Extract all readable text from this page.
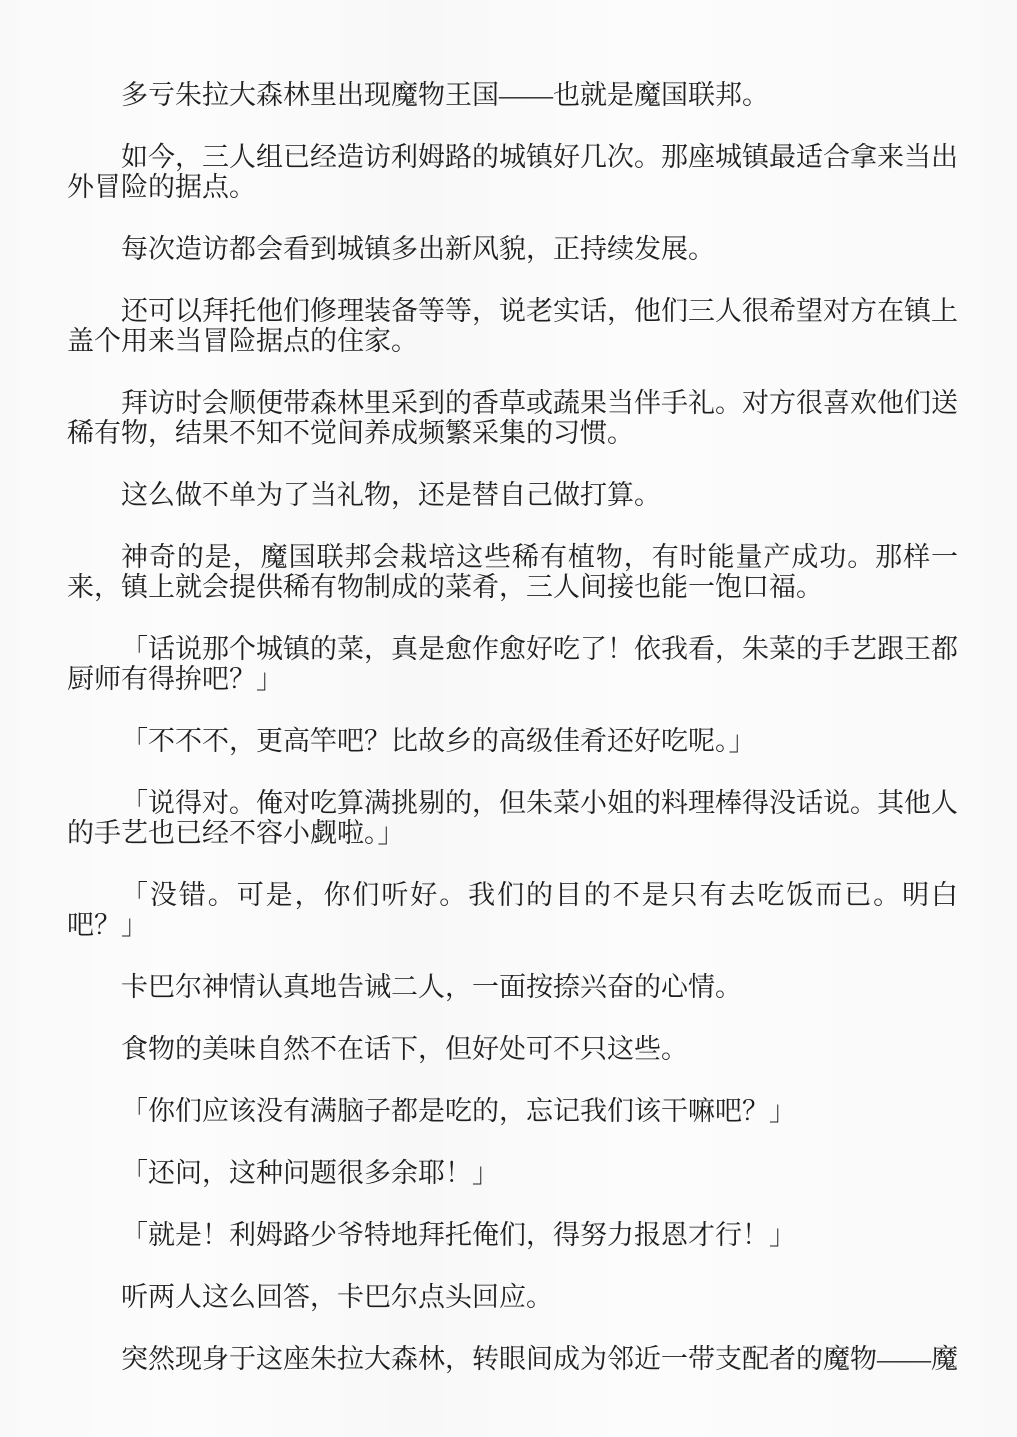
多亏朱拉大森林里出现魔物王国——也就是魔国联邦。

如今，三人组已经造访利姆路的城镇好几次。那座城镇最适合拿来当出外冒险的据点。

每次造访都会看到城镇多出新风貌，正持续发展。

还可以拜托他们修理装备等等，说老实话，他们三人很希望对方在镇上盖个用来当冒险据点的住家。

拜访时会顺便带森林里采到的香草或蔬果当伴手礼。对方很喜欢他们送稀有物，结果不知不觉间养成频繁采集的习惯。

这么做不单为了当礼物，还是替自己做打算。

神奇的是，魔国联邦会栽培这些稀有植物，有时能量产成功。那样一来，镇上就会提供稀有物制成的菜肴，三人间接也能一饱口福。

「话说那个城镇的菜，真是愈作愈好吃了！依我看，朱菜的手艺跟王都厨师有得拚吧？」

「不不不，更高竿吧？比故乡的高级佳肴还好吃呢。」

「说得对。俺对吃算满挑剔的，但朱菜小姐的料理棒得没话说。其他人的手艺也已经不容小觑啦。」

「没错。可是，你们听好。我们的目的不是只有去吃饭而已。明白吧？」

卡巴尔神情认真地告诫二人，一面按捺兴奋的心情。

食物的美味自然不在话下，但好处可不只这些。

「你们应该没有满脑子都是吃的，忘记我们该干嘛吧？」

「还问，这种问题很多余耶！」

「就是！利姆路少爷特地拜托俺们，得努力报恩才行！」

听两人这么回答，卡巴尔点头回应。

突然现身于这座朱拉大森林，转眼间成为邻近一带支配者的魔物——魔
